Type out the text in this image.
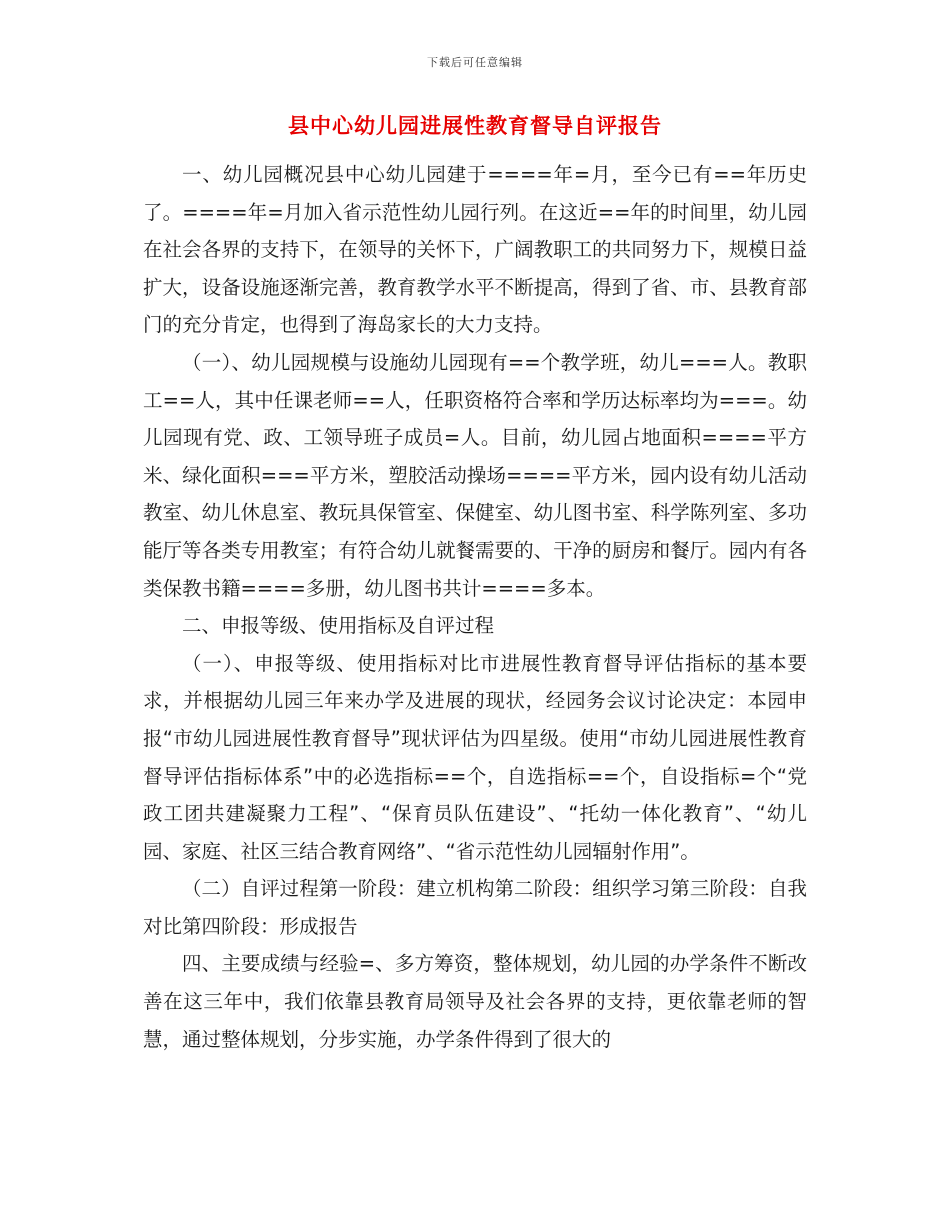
下载后可任意编辑
县中心幼儿园进展性教育督导自评报告

一、幼儿园概况县中心幼儿园建于====年=月，至今已有==年历史了。====年=月加入省示范性幼儿园行列。在这近==年的时间里，幼儿园在社会各界的支持下，在领导的关怀下，广阔教职工的共同努力下，规模日益扩大，设备设施逐渐完善，教育教学水平不断提高，得到了省、市、县教育部门的充分肯定，也得到了海岛家长的大力支持。

（一）、幼儿园规模与设施幼儿园现有==个教学班，幼儿===人。教职工==人，其中任课老师==人，任职资格符合率和学历达标率均为===。幼儿园现有党、政、工领导班子成员=人。目前，幼儿园占地面积====平方米、绿化面积===平方米，塑胶活动操场====平方米，园内设有幼儿活动教室、幼儿休息室、教玩具保管室、保健室、幼儿图书室、科学陈列室、多功能厅等各类专用教室；有符合幼儿就餐需要的、干净的厨房和餐厅。园内有各类保教书籍====多册，幼儿图书共计====多本。

二、申报等级、使用指标及自评过程

（一）、申报等级、使用指标对比市进展性教育督导评估指标的基本要求，并根据幼儿园三年来办学及进展的现状，经园务会议讨论决定：本园申报“市幼儿园进展性教育督导”现状评估为四星级。使用“市幼儿园进展性教育督导评估指标体系”中的必选指标==个，自选指标==个，自设指标=个“党政工团共建凝聚力工程”、“保育员队伍建设”、“托幼一体化教育”、“幼儿园、家庭、社区三结合教育网络”、“省示范性幼儿园辐射作用”。

（二）自评过程第一阶段：建立机构第二阶段：组织学习第三阶段：自我对比第四阶段：形成报告

四、主要成绩与经验=、多方筹资，整体规划，幼儿园的办学条件不断改善在这三年中，我们依靠县教育局领导及社会各界的支持，更依靠老师的智慧，通过整体规划，分步实施，办学条件得到了很大的
